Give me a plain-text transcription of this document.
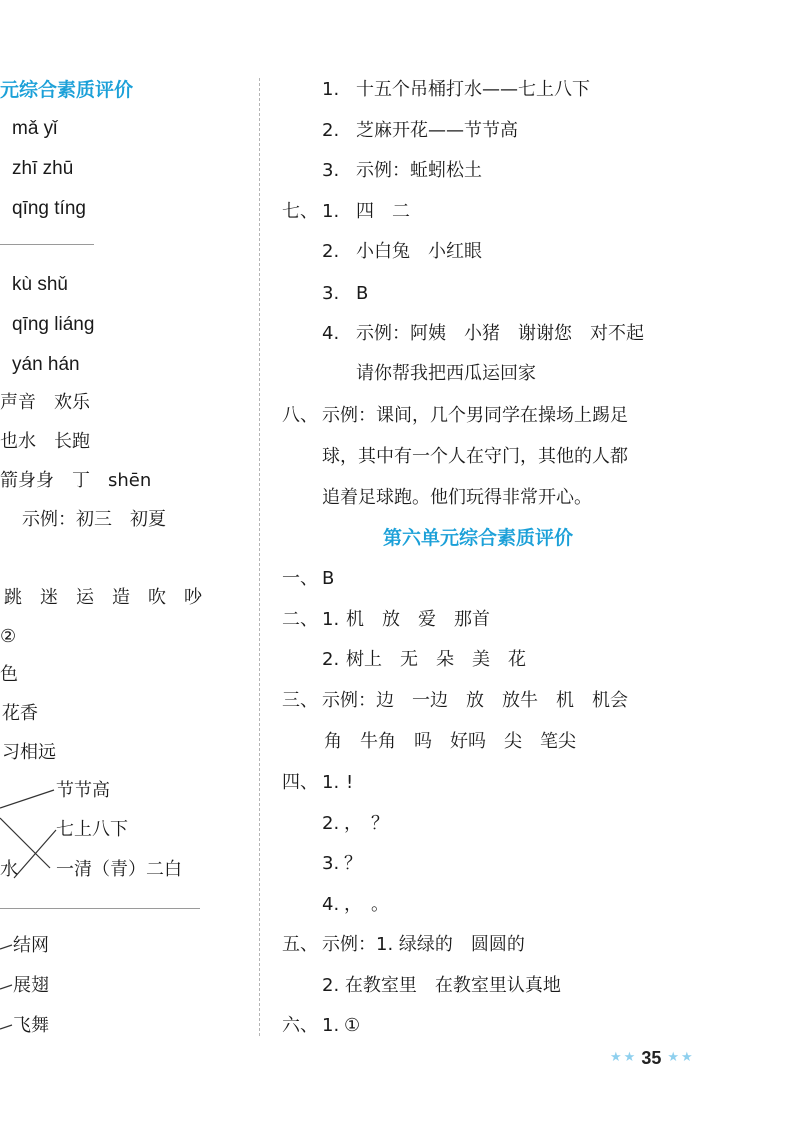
元综合素质评价
mǎ yǐ
zhī zhū
qīng tíng
kù shǔ
qīng liáng
yán hán
声音　欢乐
也水　长跑
箭身身　丁　shēn
示例：初三　初夏
跳　迷　运　造　吹　吵
②
色
花香
习相远
节节高
七上八下
水 一清（青）二白
结网
展翅
飞舞
1. 十五个吊桶打水——七上八下
2. 芝麻开花——节节高
3. 示例：蚯蚓松土
七、 1. 四　二
2. 小白兔　小红眼
3. B
4. 示例：阿姨　小猪　谢谢您　对不起
请你帮我把西瓜运回家
八、 示例：课间，几个男同学在操场上踢足
球，其中有一个人在守门，其他的人都
追着足球跑。他们玩得非常开心。
第六单元综合素质评价
一、 B
二、 1. 机　放　爱　那首
2. 树上　无　朵　美　花
三、 示例：边　一边　放　放牛　机　机会
角　牛角　吗　好吗　尖　笔尖
四、 1. !
2. ，　？
3. ？
4. ，　。
五、 示例：1. 绿绿的　圆圆的
2. 在教室里　在教室里认真地
六、 1. ①
★ ★ 35 ★ ★
